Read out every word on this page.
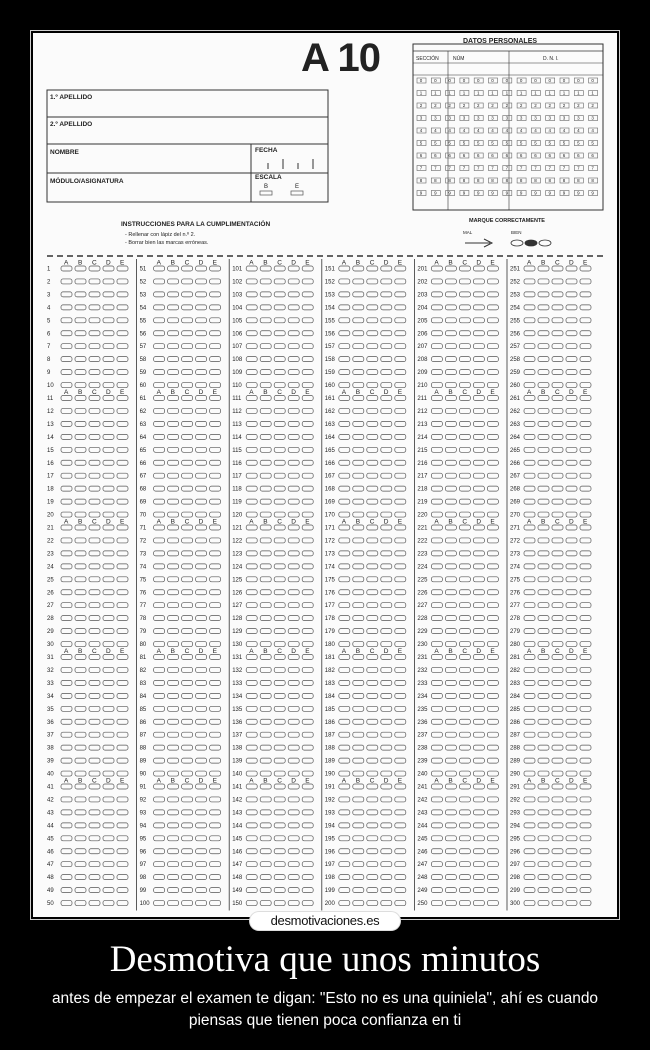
A 10
1.º APELLIDO
2.º APELLIDO
NOMBRE	FECHA
MÓDULO/ASIGNATURA
ESCALA
B	E
DATOS PERSONALES
SECCIÓN	NÚM	D. N. I.
0	0	0	0	0	0	0	0	0	0	0	0	0
1	1	1	1	1	1	1	1	1	1	1	1	1
2	2	2	2	2	2	2	2	2	2	2	2	2
3	3	3	3	3	3	3	3	3	3	3	3	3
4	4	4	4	4	4	4	4	4	4	4	4	4
5	5	5	5	5	5	5	5	5	5	5	5	5
6	6	6	6	6	6	6	6	6	6	6	6	6
7	7	7	7	7	7	7	7	7	7	7	7	7
8	8	8	8	8	8	8	8	8	8	8	8	8
9	9	9	9	9	9	9	9	9	9	9	9	9
INSTRUCCIONES PARA LA CUMPLIMENTACIÓN
- Rellenar con lápiz del n.º 2.
- Borrar bien las marcas erróneas.
MARQUE CORRECTAMENTE
MAL	BIEN
A B C D E
1
2
3
4
5
6
7
8
9
10
A B C D E
11
12
13
14
15
16
17
18
19
20
A B C D E
21
22
23
24
25
26
27
28
29
30
A B C D E
31
32
33
34
35
36
37
38
39
40
A B C D E
41
42
43
44
45
46
47
48
49
50
A B C D E
51
52
53
54
55
56
57
58
59
60
A B C D E
61
62
63
64
65
66
67
68
69
70
A B C D E
71
72
73
74
75
76
77
78
79
80
A B C D E
81
82
83
84
85
86
87
88
89
90
A B C D E
91
92
93
94
95
96
97
98
99
100
A B C D E
101
102
103
104
105
106
107
108
109
110
A B C D E
111
112
113
114
115
116
117
118
119
120
A B C D E
121
122
123
124
125
126
127
128
129
130
A B C D E
131
132
133
134
135
136
137
138
139
140
A B C D E
141
142
143
144
145
146
147
148
149
150
A B C D E
151
152
153
154
155
156
157
158
159
160
A B C D E
161
162
163
164
165
166
167
168
169
170
A B C D E
171
172
173
174
175
176
177
178
179
180
A B C D E
181
182
183
184
185
186
187
188
189
190
A B C D E
191
192
193
194
195
196
197
198
199
200
A B C D E
201
202
203
204
205
206
207
208
209
210
A B C D E
211
212
213
214
215
216
217
218
219
220
A B C D E
221
222
223
224
225
226
227
228
229
230
A B C D E
231
232
233
234
235
236
237
238
239
240
A B C D E
241
242
243
244
245
246
247
248
249
250
A B C D E
251
252
253
254
255
256
257
258
259
260
A B C D E
261
262
263
264
265
266
267
268
269
270
A B C D E
271
272
273
274
275
276
277
278
279
280
A B C D E
281
282
283
284
285
286
287
288
289
290
A B C D E
291
292
293
294
295
296
297
298
299
300
desmotivaciones.es
Desmotiva que unos minutos
antes de empezar el examen te digan: "Esto no es una quiniela", ahí es cuando piensas que tienen poca confianza en ti
